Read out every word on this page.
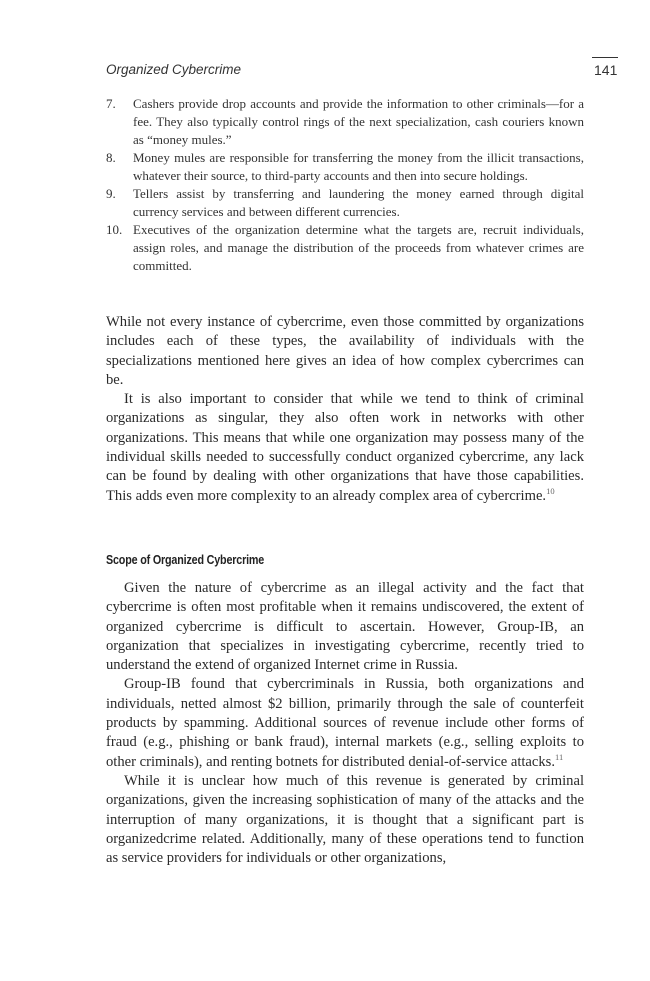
Organized Cybercrime	141
7. Cashers provide drop accounts and provide the information to other criminals—for a fee. They also typically control rings of the next specialization, cash couriers known as “money mules.”
8. Money mules are responsible for transferring the money from the illicit transactions, whatever their source, to third-party accounts and then into secure holdings.
9. Tellers assist by transferring and laundering the money earned through digital currency services and between different currencies.
10. Executives of the organization determine what the targets are, recruit individuals, assign roles, and manage the distribution of the proceeds from whatever crimes are committed.

While not every instance of cybercrime, even those committed by organizations includes each of these types, the availability of individuals with the specializations mentioned here gives an idea of how complex cybercrimes can be.

It is also important to consider that while we tend to think of criminal organizations as singular, they also often work in networks with other organizations. This means that while one organization may possess many of the individual skills needed to successfully conduct organized cybercrime, any lack can be found by dealing with other organizations that have those capabilities. This adds even more complexity to an already complex area of cybercrime.$^{10}$

Scope of Organized Cybercrime

Given the nature of cybercrime as an illegal activity and the fact that cybercrime is often most profitable when it remains undiscovered, the extent of organized cybercrime is difficult to ascertain. However, Group-IB, an organization that specializes in investigating cybercrime, recently tried to understand the extend of organized Internet crime in Russia.

Group-IB found that cybercriminals in Russia, both organizations and individuals, netted almost $2 billion, primarily through the sale of counterfeit products by spamming. Additional sources of revenue include other forms of fraud (e.g., phishing or bank fraud), internal markets (e.g., selling exploits to other criminals), and renting botnets for distributed denial-of-service attacks.$^{11}$

While it is unclear how much of this revenue is generated by criminal organizations, given the increasing sophistication of many of the attacks and the interruption of many organizations, it is thought that a significant part is organizedcrime related. Additionally, many of these operations tend to function as service providers for individuals or other organizations,
